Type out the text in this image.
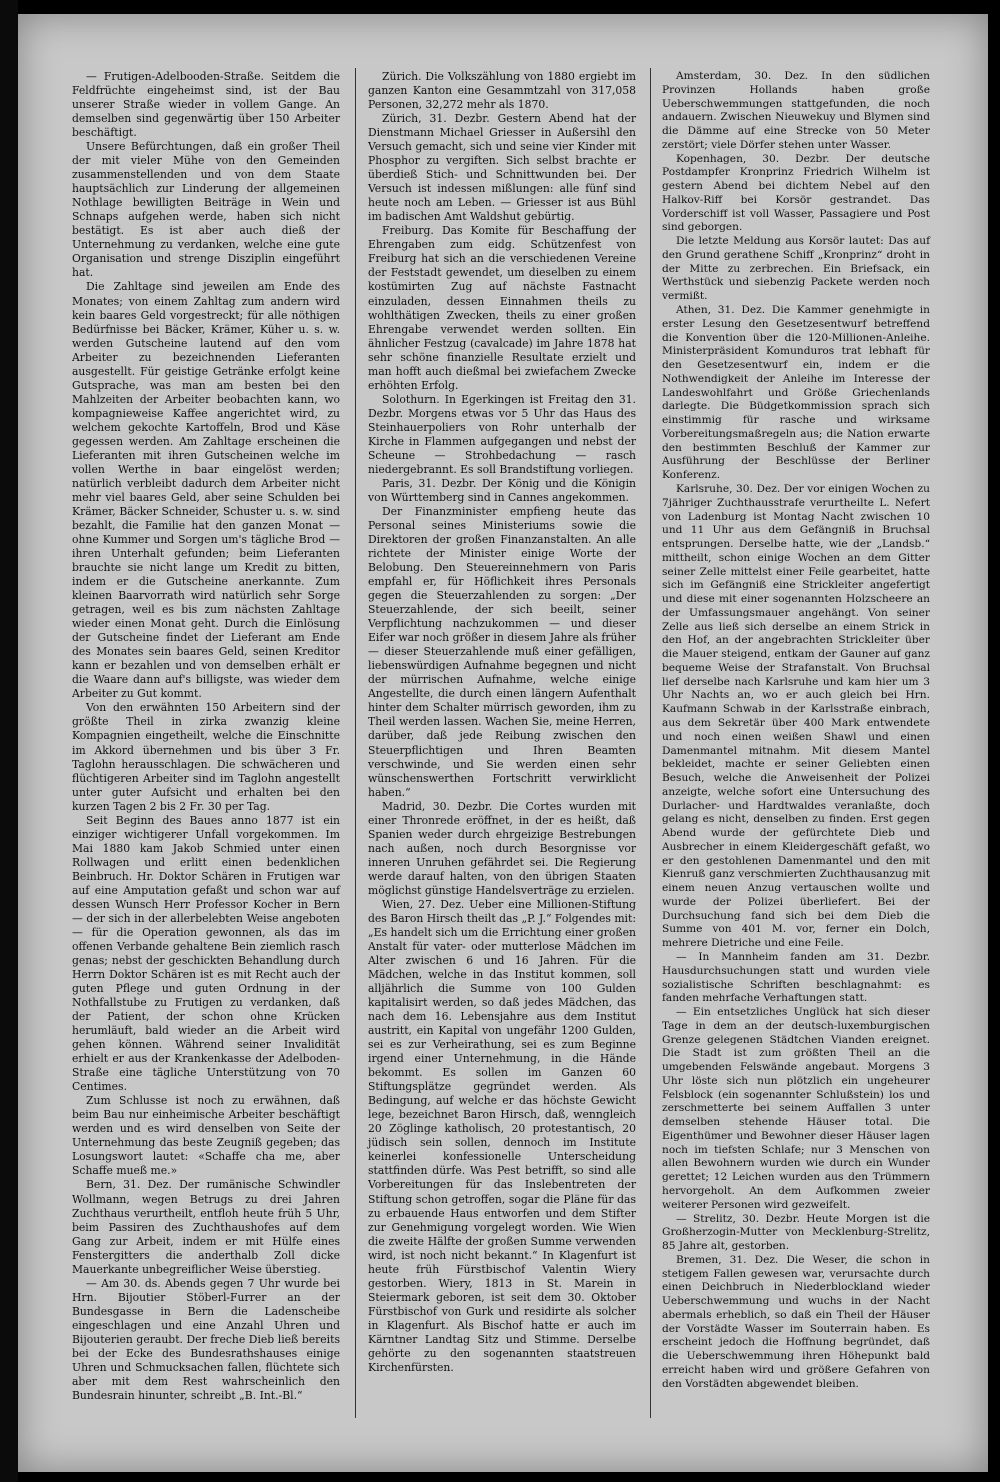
— Frutigen-Adelbooden-Straße. Seitdem die Feldfrüchte eingeheimst sind, ist der Bau unserer Straße wieder in vollem Gange. An demselben sind gegenwärtig über 150 Arbeiter beschäftigt.

Unsere Befürchtungen, daß ein großer Theil der mit vieler Mühe von den Gemeinden zusammenstellenden und von dem Staate hauptsächlich zur Linderung der allgemeinen Nothlage bewilligten Beiträge in Wein und Schnaps aufgehen werde, haben sich nicht bestätigt. Es ist aber auch dieß der Unternehmung zu verdanken, welche eine gute Organisation und strenge Disziplin eingeführt hat.

Die Zahltage sind jeweilen am Ende des Monates; von einem Zahltag zum andern wird kein baares Geld vorgestreckt; für alle nöthigen Bedürfnisse bei Bäcker, Krämer, Küher u. s. w. werden Gutscheine lautend auf den vom Arbeiter zu bezeichnenden Lieferanten ausgestellt. Für geistige Getränke erfolgt keine Gutsprache, was man am besten bei den Mahlzeiten der Arbeiter beobachten kann, wo kompagnieweise Kaffee angerichtet wird, zu welchem gekochte Kartoffeln, Brod und Käse gegessen werden. Am Zahltage erscheinen die Lieferanten mit ihren Gutscheinen welche im vollen Werthe in baar eingelöst werden; natürlich verbleibt dadurch dem Arbeiter nicht mehr viel baares Geld, aber seine Schulden bei Krämer, Bäcker Schneider, Schuster u. s. w. sind bezahlt, die Familie hat den ganzen Monat — ohne Kummer und Sorgen um's tägliche Brod — ihren Unterhalt gefunden; beim Lieferanten brauchte sie nicht lange um Kredit zu bitten, indem er die Gutscheine anerkannte. Zum kleinen Baarvorrath wird natürlich sehr Sorge getragen, weil es bis zum nächsten Zahltage wieder einen Monat geht. Durch die Einlösung der Gutscheine findet der Lieferant am Ende des Monates sein baares Geld, seinen Kreditor kann er bezahlen und von demselben erhält er die Waare dann auf's billigste, was wieder dem Arbeiter zu Gut kommt.

Von den erwähnten 150 Arbeitern sind der größte Theil in zirka zwanzig kleine Kompagnien eingetheilt, welche die Einschnitte im Akkord übernehmen und bis über 3 Fr. Taglohn herausschlagen. Die schwächeren und flüchtigeren Arbeiter sind im Taglohn angestellt unter guter Aufsicht und erhalten bei den kurzen Tagen 2 bis 2 Fr. 30 per Tag.

Seit Beginn des Baues anno 1877 ist ein einziger wichtigerer Unfall vorgekommen. Im Mai 1880 kam Jakob Schmied unter einen Rollwagen und erlitt einen bedenklichen Beinbruch. Hr. Doktor Schären in Frutigen war auf eine Amputation gefaßt und schon war auf dessen Wunsch Herr Professor Kocher in Bern — der sich in der allerbelebten Weise angeboten — für die Operation gewonnen, als das im offenen Verbande gehaltene Bein ziemlich rasch genas; nebst der geschickten Behandlung durch Herrn Doktor Schären ist es mit Recht auch der guten Pflege und guten Ordnung in der Nothfallstube zu Frutigen zu verdanken, daß der Patient, der schon ohne Krücken herumläuft, bald wieder an die Arbeit wird gehen können. Während seiner Invalidität erhielt er aus der Krankenkasse der Adelboden-Straße eine tägliche Unterstützung von 70 Centimes.

Zum Schlusse ist noch zu erwähnen, daß beim Bau nur einheimische Arbeiter beschäftigt werden und es wird denselben von Seite der Unternehmung das beste Zeugniß gegeben; das Losungswort lautet: «Schaffe cha me, aber Schaffe mueß me.»

Bern, 31. Dez. Der rumänische Schwindler Wollmann, wegen Betrugs zu drei Jahren Zuchthaus verurtheilt, entfloh heute früh 5 Uhr, beim Passiren des Zuchthaushofes auf dem Gang zur Arbeit, indem er mit Hülfe eines Fenstergitters die anderthalb Zoll dicke Mauerkante unbegreiflicher Weise überstieg.

— Am 30. ds. Abends gegen 7 Uhr wurde bei Hrn. Bijoutier Stöberl-Furrer an der Bundesgasse in Bern die Ladenscheibe eingeschlagen und eine Anzahl Uhren und Bijouterien geraubt. Der freche Dieb ließ bereits bei der Ecke des Bundesrathshauses einige Uhren und Schmucksachen fallen, flüchtete sich aber mit dem Rest wahrscheinlich den Bundesrain hinunter, schreibt „B. Int.-Bl.“

Zürich. Die Volkszählung von 1880 ergiebt im ganzen Kanton eine Gesammtzahl von 317,058 Personen, 32,272 mehr als 1870.

Zürich, 31. Dezbr. Gestern Abend hat der Dienstmann Michael Griesser in Außersihl den Versuch gemacht, sich und seine vier Kinder mit Phosphor zu vergiften. Sich selbst brachte er überdieß Stich- und Schnittwunden bei. Der Versuch ist indessen mißlungen: alle fünf sind heute noch am Leben. — Griesser ist aus Bühl im badischen Amt Waldshut gebürtig.

Freiburg. Das Komite für Beschaffung der Ehrengaben zum eidg. Schützenfest von Freiburg hat sich an die verschiedenen Vereine der Feststadt gewendet, um dieselben zu einem kostümirten Zug auf nächste Fastnacht einzuladen, dessen Einnahmen theils zu wohlthätigen Zwecken, theils zu einer großen Ehrengabe verwendet werden sollten. Ein ähnlicher Festzug (cavalcade) im Jahre 1878 hat sehr schöne finanzielle Resultate erzielt und man hofft auch dießmal bei zwiefachem Zwecke erhöhten Erfolg.

Solothurn. In Egerkingen ist Freitag den 31. Dezbr. Morgens etwas vor 5 Uhr das Haus des Steinhauerpoliers von Rohr unterhalb der Kirche in Flammen aufgegangen und nebst der Scheune — Strohbedachung — rasch niedergebrannt. Es soll Brandstiftung vorliegen.

Paris, 31. Dezbr. Der König und die Königin von Württemberg sind in Cannes angekommen.

Der Finanzminister empfieng heute das Personal seines Ministeriums sowie die Direktoren der großen Finanzanstalten. An alle richtete der Minister einige Worte der Belobung. Den Steuereinnehmern von Paris empfahl er, für Höflichkeit ihres Personals gegen die Steuerzahlenden zu sorgen: „Der Steuerzahlende, der sich beeilt, seiner Verpflichtung nachzukommen — und dieser Eifer war noch größer in diesem Jahre als früher — dieser Steuerzahlende muß einer gefälligen, liebenswürdigen Aufnahme begegnen und nicht der mürrischen Aufnahme, welche einige Angestellte, die durch einen längern Aufenthalt hinter dem Schalter mürrisch geworden, ihm zu Theil werden lassen. Wachen Sie, meine Herren, darüber, daß jede Reibung zwischen den Steuerpflichtigen und Ihren Beamten verschwinde, und Sie werden einen sehr wünschenswerthen Fortschritt verwirklicht haben.“

Madrid, 30. Dezbr. Die Cortes wurden mit einer Thronrede eröffnet, in der es heißt, daß Spanien weder durch ehrgeizige Bestrebungen nach außen, noch durch Besorgnisse vor inneren Unruhen gefährdet sei. Die Regierung werde darauf halten, von den übrigen Staaten möglichst günstige Handelsverträge zu erzielen.

Wien, 27. Dez. Ueber eine Millionen-Stiftung des Baron Hirsch theilt das „P. J.“ Folgendes mit: „Es handelt sich um die Errichtung einer großen Anstalt für vater- oder mutterlose Mädchen im Alter zwischen 6 und 16 Jahren. Für die Mädchen, welche in das Institut kommen, soll alljährlich die Summe von 100 Gulden kapitalisirt werden, so daß jedes Mädchen, das nach dem 16. Lebensjahre aus dem Institut austritt, ein Kapital von ungefähr 1200 Gulden, sei es zur Verheirathung, sei es zum Beginne irgend einer Unternehmung, in die Hände bekommt. Es sollen im Ganzen 60 Stiftungsplätze gegründet werden. Als Bedingung, auf welche er das höchste Gewicht lege, bezeichnet Baron Hirsch, daß, wenngleich 20 Zöglinge katholisch, 20 protestantisch, 20 jüdisch sein sollen, dennoch im Institute keinerlei konfessionelle Unterscheidung stattfinden dürfe. Was Pest betrifft, so sind alle Vorbereitungen für das Inslebentreten der Stiftung schon getroffen, sogar die Pläne für das zu erbauende Haus entworfen und dem Stifter zur Genehmigung vorgelegt worden. Wie Wien die zweite Hälfte der großen Summe verwenden wird, ist noch nicht bekannt.“ In Klagenfurt ist heute früh Fürstbischof Valentin Wiery gestorben. Wiery, 1813 in St. Marein in Steiermark geboren, ist seit dem 30. Oktober Fürstbischof von Gurk und residirte als solcher in Klagenfurt. Als Bischof hatte er auch im Kärntner Landtag Sitz und Stimme. Derselbe gehörte zu den sogenannten staatstreuen Kirchenfürsten.

Amsterdam, 30. Dez. In den südlichen Provinzen Hollands haben große Ueberschwemmungen stattgefunden, die noch andauern. Zwischen Nieuwekuy und Blymen sind die Dämme auf eine Strecke von 50 Meter zerstört; viele Dörfer stehen unter Wasser.

Kopenhagen, 30. Dezbr. Der deutsche Postdampfer Kronprinz Friedrich Wilhelm ist gestern Abend bei dichtem Nebel auf den Halkov-Riff bei Korsör gestrandet. Das Vorderschiff ist voll Wasser, Passagiere und Post sind geborgen.

Die letzte Meldung aus Korsör lautet: Das auf den Grund gerathene Schiff „Kronprinz“ droht in der Mitte zu zerbrechen. Ein Briefsack, ein Werthstück und siebenzig Packete werden noch vermißt.

Athen, 31. Dez. Die Kammer genehmigte in erster Lesung den Gesetzesentwurf betreffend die Konvention über die 120-Millionen-Anleihe. Ministerpräsident Komunduros trat lebhaft für den Gesetzesentwurf ein, indem er die Nothwendigkeit der Anleihe im Interesse der Landeswohlfahrt und Größe Griechenlands darlegte. Die Büdgetkommission sprach sich einstimmig für rasche und wirksame Vorbereitungsmaßregeln aus; die Nation erwarte den bestimmten Beschluß der Kammer zur Ausführung der Beschlüsse der Berliner Konferenz.

Karlsruhe, 30. Dez. Der vor einigen Wochen zu 7jähriger Zuchthausstrafe verurtheilte L. Nefert von Ladenburg ist Montag Nacht zwischen 10 und 11 Uhr aus dem Gefängniß in Bruchsal entsprungen. Derselbe hatte, wie der „Landsb.“ mittheilt, schon einige Wochen an dem Gitter seiner Zelle mittelst einer Feile gearbeitet, hatte sich im Gefängniß eine Strickleiter angefertigt und diese mit einer sogenannten Holzscheere an der Umfassungsmauer angehängt. Von seiner Zelle aus ließ sich derselbe an einem Strick in den Hof, an der angebrachten Strickleiter über die Mauer steigend, entkam der Gauner auf ganz bequeme Weise der Strafanstalt. Von Bruchsal lief derselbe nach Karlsruhe und kam hier um 3 Uhr Nachts an, wo er auch gleich bei Hrn. Kaufmann Schwab in der Karlsstraße einbrach, aus dem Sekretär über 400 Mark entwendete und noch einen weißen Shawl und einen Damenmantel mitnahm. Mit diesem Mantel bekleidet, machte er seiner Geliebten einen Besuch, welche die Anweisenheit der Polizei anzeigte, welche sofort eine Untersuchung des Durlacher- und Hardtwaldes veranlaßte, doch gelang es nicht, denselben zu finden. Erst gegen Abend wurde der gefürchtete Dieb und Ausbrecher in einem Kleidergeschäft gefaßt, wo er den gestohlenen Damenmantel und den mit Kienruß ganz verschmierten Zuchthausanzug mit einem neuen Anzug vertauschen wollte und wurde der Polizei überliefert. Bei der Durchsuchung fand sich bei dem Dieb die Summe von 401 M. vor, ferner ein Dolch, mehrere Dietriche und eine Feile.

— In Mannheim fanden am 31. Dezbr. Hausdurchsuchungen statt und wurden viele sozialistische Schriften beschlagnahmt: es fanden mehrfache Verhaftungen statt.

— Ein entsetzliches Unglück hat sich dieser Tage in dem an der deutsch-luxemburgischen Grenze gelegenen Städtchen Vianden ereignet. Die Stadt ist zum größten Theil an die umgebenden Felswände angebaut. Morgens 3 Uhr löste sich nun plötzlich ein ungeheurer Felsblock (ein sogenannter Schlußstein) los und zerschmetterte bei seinem Auffallen 3 unter demselben stehende Häuser total. Die Eigenthümer und Bewohner dieser Häuser lagen noch im tiefsten Schlafe; nur 3 Menschen von allen Bewohnern wurden wie durch ein Wunder gerettet; 12 Leichen wurden aus den Trümmern hervorgeholt. An dem Aufkommen zweier weiterer Personen wird gezweifelt.

— Strelitz, 30. Dezbr. Heute Morgen ist die Großherzogin-Mutter von Mecklenburg-Strelitz, 85 Jahre alt, gestorben.

Bremen, 31. Dez. Die Weser, die schon in stetigem Fallen gewesen war, verursachte durch einen Deichbruch in Niederblockland wieder Ueberschwemmung und wuchs in der Nacht abermals erheblich, so daß ein Theil der Häuser der Vorstädte Wasser im Souterrain haben. Es erscheint jedoch die Hoffnung begründet, daß die Ueberschwemmung ihren Höhepunkt bald erreicht haben wird und größere Gefahren von den Vorstädten abgewendet bleiben.
